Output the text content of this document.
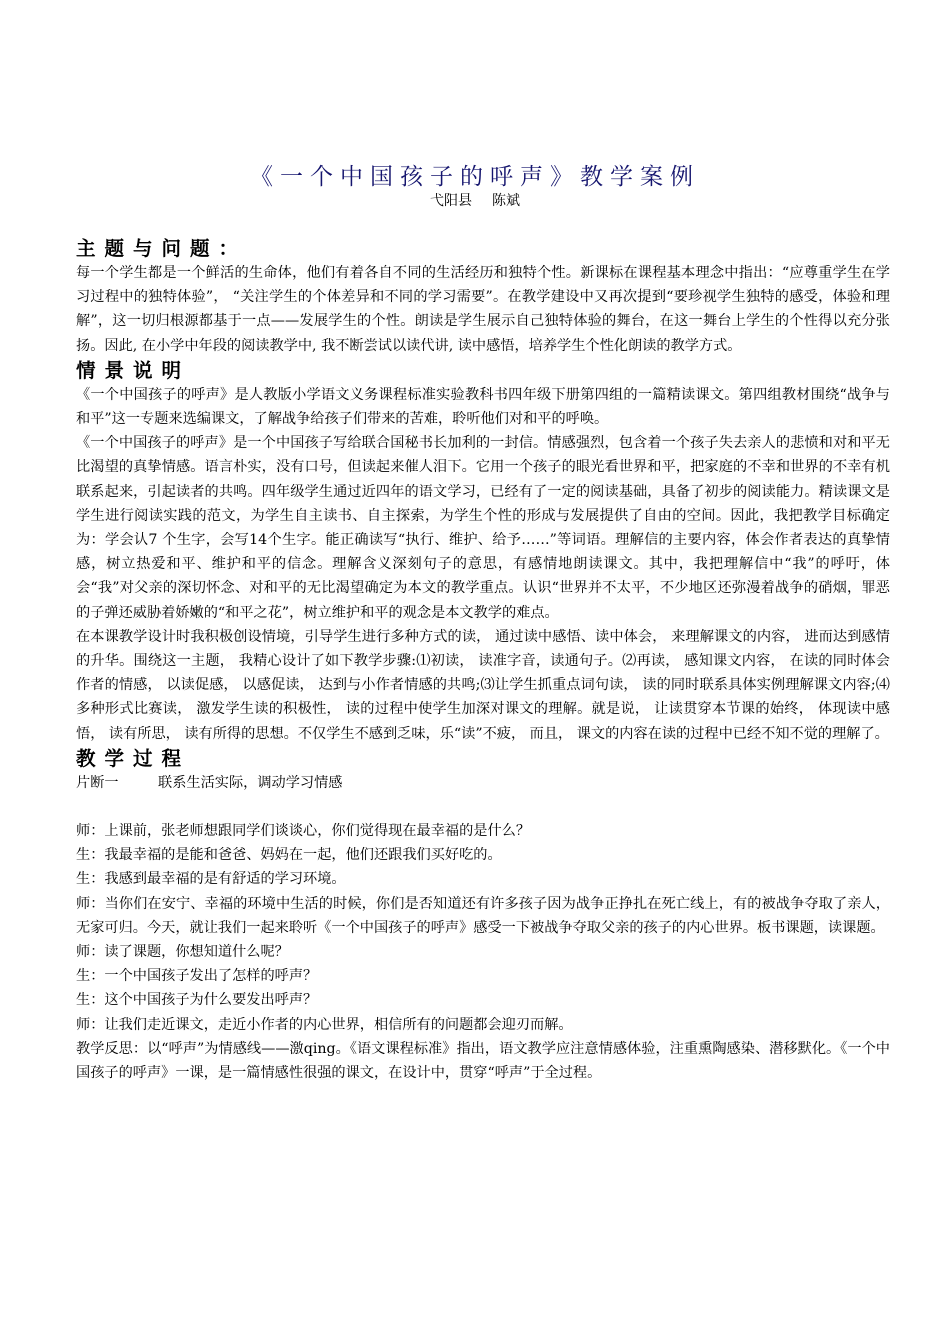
《一个中国孩子的呼声》教学案例
弋阳县 陈斌
主题与问题：

每一个学生都是一个鲜活的生命体，他们有着各自不同的生活经历和独特个性。新课标在课程基本理念中指出：“应尊重学生在学习过程中的独特体验”， “关注学生的个体差异和不同的学习需要”。在教学建设中又再次提到“要珍视学生独特的感受，体验和理解”，这一切归根源都基于一点——发展学生的个性。朗读是学生展示自己独特体验的舞台，在这一舞台上学生的个性得以充分张扬。因此, 在小学中年段的阅读教学中, 我不断尝试以读代讲, 读中感悟，培养学生个性化朗读的教学方式。

情景说明

《一个中国孩子的呼声》是人教版小学语文义务课程标准实验教科书四年级下册第四组的一篇精读课文。第四组教材围绕“战争与和平”这一专题来选编课文，了解战争给孩子们带来的苦难，聆听他们对和平的呼唤。

《一个中国孩子的呼声》是一个中国孩子写给联合国秘书长加利的一封信。情感强烈，包含着一个孩子失去亲人的悲愤和对和平无比渴望的真挚情感。语言朴实，没有口号，但读起来催人泪下。它用一个孩子的眼光看世界和平，把家庭的不幸和世界的不幸有机联系起来，引起读者的共鸣。四年级学生通过近四年的语文学习，已经有了一定的阅读基础，具备了初步的阅读能力。精读课文是学生进行阅读实践的范文，为学生自主读书、自主探索，为学生个性的形成与发展提供了自由的空间。因此，我把教学目标确定为：学会认7 个生字，会写14个生字。能正确读写“执行、维护、给予……”等词语。理解信的主要内容，体会作者表达的真挚情感，树立热爱和平、维护和平的信念。理解含义深刻句子的意思，有感情地朗读课文。其中，我把理解信中“我”的呼吁，体会“我”对父亲的深切怀念、对和平的无比渴望确定为本文的教学重点。认识“世界并不太平，不少地区还弥漫着战争的硝烟，罪恶的子弹还威胁着娇嫩的“和平之花”，树立维护和平的观念是本文教学的难点。

在本课教学设计时我积极创设情境，引导学生进行多种方式的读， 通过读中感悟、读中体会， 来理解课文的内容， 进而达到感情的升华。围绕这一主题， 我精心设计了如下教学步骤:⑴初读， 读准字音，读通句子。⑵再读， 感知课文内容， 在读的同时体会作者的情感， 以读促感， 以感促读， 达到与小作者情感的共鸣;⑶让学生抓重点词句读， 读的同时联系具体实例理解课文内容;⑷多种形式比赛读， 激发学生读的积极性， 读的过程中使学生加深对课文的理解。就是说， 让读贯穿本节课的始终， 体现读中感悟， 读有所思， 读有所得的思想。不仅学生不感到乏味，乐“读”不疲， 而且， 课文的内容在读的过程中已经不知不觉的理解了。

教学过程
片断一	联系生活实际，调动学习情感

师：上课前，张老师想跟同学们谈谈心，你们觉得现在最幸福的是什么？

生：我最幸福的是能和爸爸、妈妈在一起，他们还跟我们买好吃的。

生：我感到最幸福的是有舒适的学习环境。

师：当你们在安宁、幸福的环境中生活的时候，你们是否知道还有许多孩子因为战争正挣扎在死亡线上，有的被战争夺取了亲人，无家可归。今天，就让我们一起来聆听《一个中国孩子的呼声》感受一下被战争夺取父亲的孩子的内心世界。板书课题，读课题。

师：读了课题，你想知道什么呢？

生：一个中国孩子发出了怎样的呼声？

生：这个中国孩子为什么要发出呼声？

师：让我们走近课文，走近小作者的内心世界，相信所有的问题都会迎刃而解。

教学反思：以“呼声”为情感线——激qing。《语文课程标准》指出，语文教学应注意情感体验，注重熏陶感染、潜移默化。《一个中国孩子的呼声》一课，是一篇情感性很强的课文，在设计中，贯穿“呼声”于全过程。
